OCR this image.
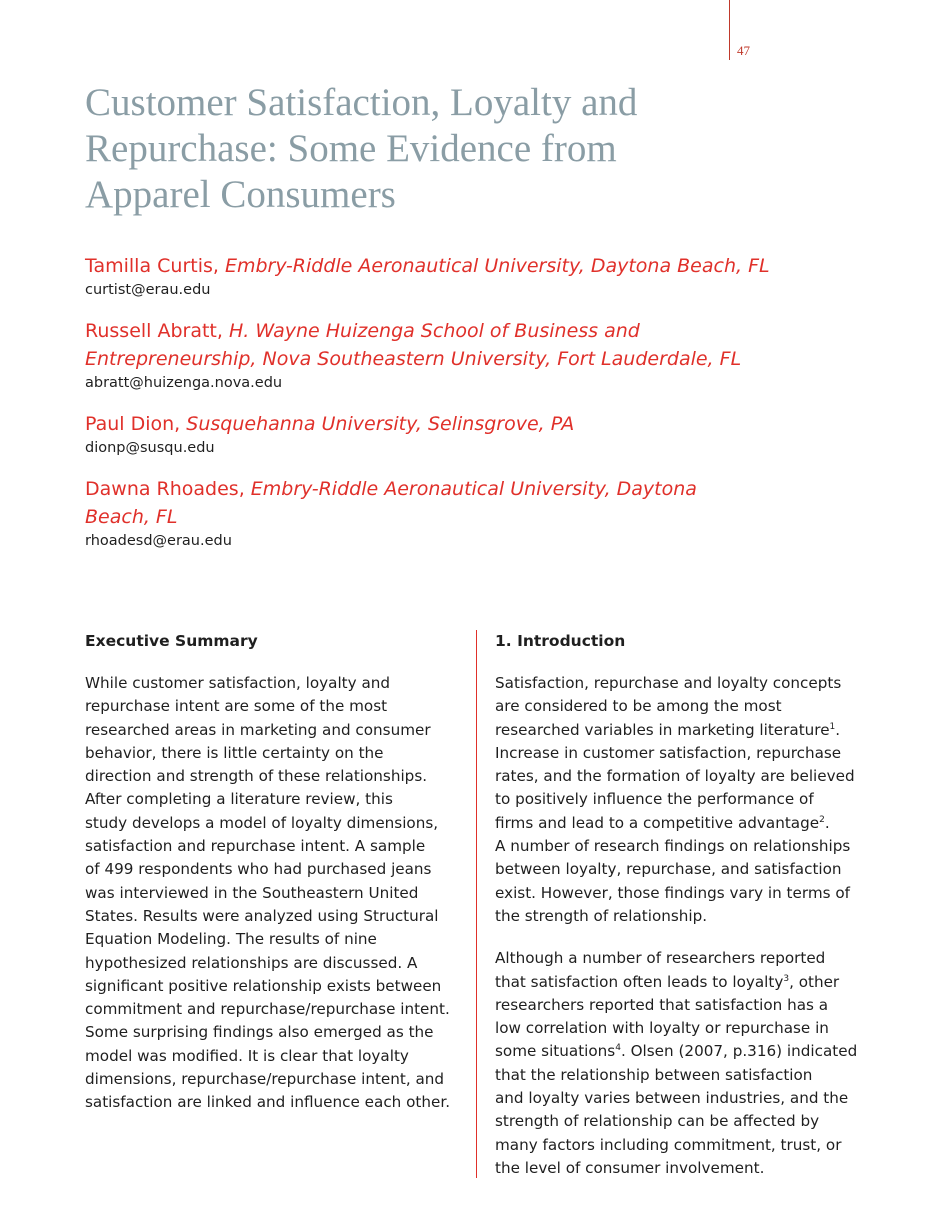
47
Customer Satisfaction, Loyalty and
Repurchase: Some Evidence from
Apparel Consumers
Tamilla Curtis, Embry-Riddle Aeronautical University, Daytona Beach, FL
curtist@erau.edu
Russell Abratt, H. Wayne Huizenga School of Business and
Entrepreneurship, Nova Southeastern University, Fort Lauderdale, FL
abratt@huizenga.nova.edu
Paul Dion, Susquehanna University, Selinsgrove, PA
dionp@susqu.edu
Dawna Rhoades, Embry-Riddle Aeronautical University, Daytona
Beach, FL
rhoadesd@erau.edu
Executive Summary

While customer satisfaction, loyalty and
repurchase intent are some of the most
researched areas in marketing and consumer
behavior, there is little certainty on the
direction and strength of these relationships.
After completing a literature review, this
study develops a model of loyalty dimensions,
satisfaction and repurchase intent. A sample
of 499 respondents who had purchased jeans
was interviewed in the Southeastern United
States. Results were analyzed using Structural
Equation Modeling. The results of nine
hypothesized relationships are discussed. A
significant positive relationship exists between
commitment and repurchase/repurchase intent.
Some surprising findings also emerged as the
model was modified. It is clear that loyalty
dimensions, repurchase/repurchase intent, and
satisfaction are linked and influence each other.

1. Introduction

Satisfaction, repurchase and loyalty concepts
are considered to be among the most
researched variables in marketing literature$^1$.
Increase in customer satisfaction, repurchase
rates, and the formation of loyalty are believed
to positively influence the performance of
firms and lead to a competitive advantage$^2$.
A number of research findings on relationships
between loyalty, repurchase, and satisfaction
exist. However, those findings vary in terms of
the strength of relationship.

Although a number of researchers reported
that satisfaction often leads to loyalty$^3$, other
researchers reported that satisfaction has a
low correlation with loyalty or repurchase in
some situations$^4$. Olsen (2007, p.316) indicated
that the relationship between satisfaction
and loyalty varies between industries, and the
strength of relationship can be affected by
many factors including commitment, trust, or
the level of consumer involvement.
